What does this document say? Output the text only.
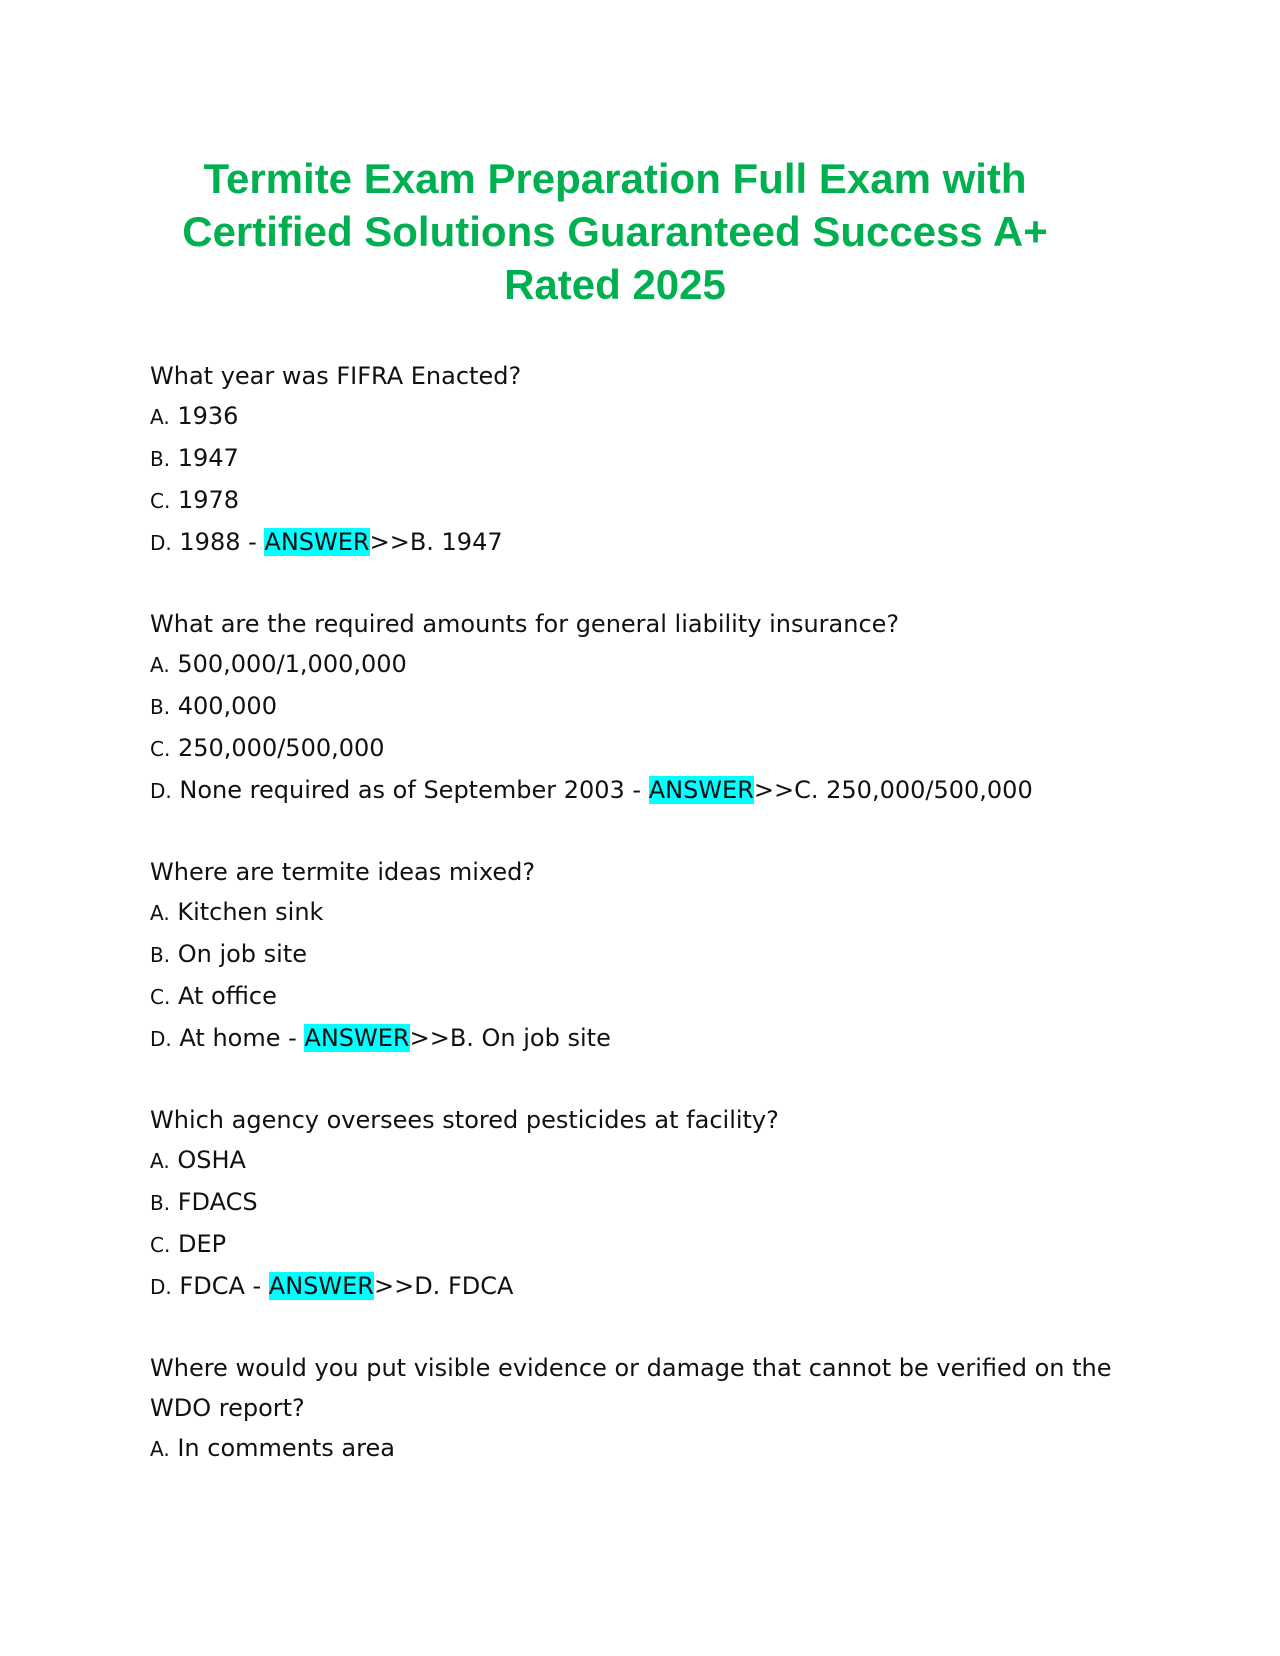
Termite Exam Preparation Full Exam with
Certified Solutions Guaranteed Success A+
Rated 2025
What year was FIFRA Enacted?
A. 1936
B. 1947
C. 1978
D. 1988 - ANSWER>>B. 1947
What are the required amounts for general liability insurance?
A. 500,000/1,000,000
B. 400,000
C. 250,000/500,000
D. None required as of September 2003 - ANSWER>>C. 250,000/500,000
Where are termite ideas mixed?
A. Kitchen sink
B. On job site
C. At office
D. At home - ANSWER>>B. On job site
Which agency oversees stored pesticides at facility?
A. OSHA
B. FDACS
C. DEP
D. FDCA - ANSWER>>D. FDCA
Where would you put visible evidence or damage that cannot be verified on the WDO report?
A. In comments area
